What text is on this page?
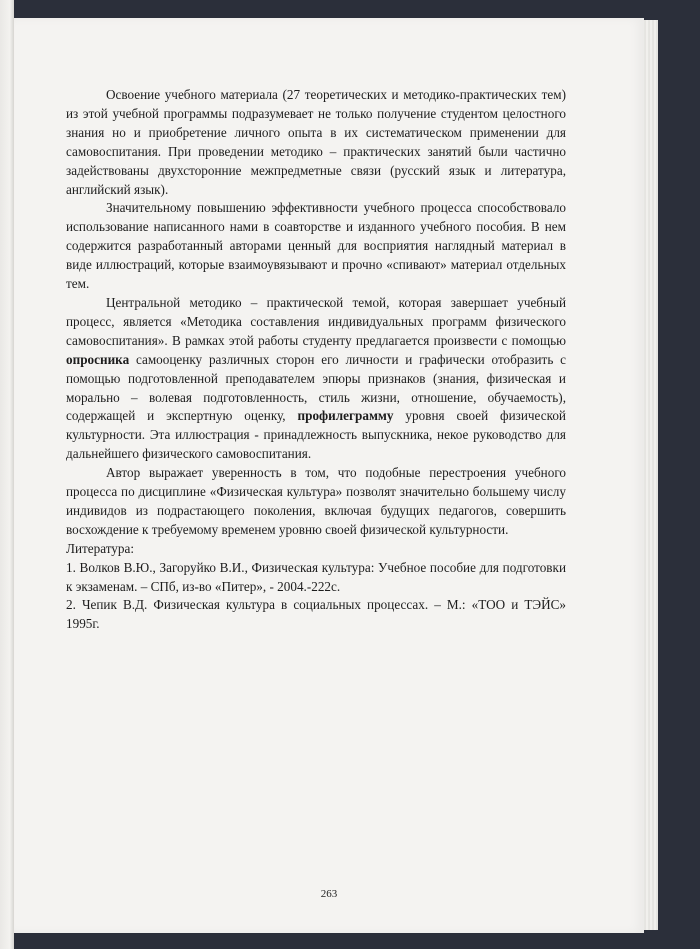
Освоение учебного материала (27 теоретических и методико-практических тем) из этой учебной программы подразумевает не только получение студентом целостного знания но и приобретение личного опыта в их систематическом применении для самовоспитания. При проведении методико – практических занятий были частично задействованы двухсторонние межпредметные связи (русский язык и литература, английский язык).

Значительному повышению эффективности учебного процесса способствовало использование написанного нами в соавторстве и изданного учебного пособия. В нем содержится разработанный авторами ценный для восприятия наглядный материал в виде иллюстраций, которые взаимоувязывают и прочно «спивают» материал отдельных тем.

Центральной методико – практической темой, которая завершает учебный процесс, является «Методика составления индивидуальных программ физического самовоспитания». В рамках этой работы студенту предлагается произвести с помощью опросника самооценку различных сторон его личности и графически отобразить с помощью подготовленной преподавателем эпюры признаков (знания, физическая и морально – волевая подготовленность, стиль жизни, отношение, обучаемость), содержащей и экспертную оценку, профилеграмму уровня своей физической культурности. Эта иллюстрация - принадлежность выпускника, некое руководство для дальнейшего физического самовоспитания.

Автор выражает уверенность в том, что подобные перестроения учебного процесса по дисциплине «Физическая культура» позволят значительно большему числу индивидов из подрастающего поколения, включая будущих педагогов, совершить восхождение к требуемому временем уровню своей физической культурности.

Литература:

1. Волков В.Ю., Загоруйко В.И., Физическая культура: Учебное пособие для подготовки к экзаменам. – СПб, из-во «Питер», - 2004.-222с.
2. Чепик В.Д. Физическая культура в социальных процессах. – М.: «ТОО и ТЭЙС» 1995г.
263
